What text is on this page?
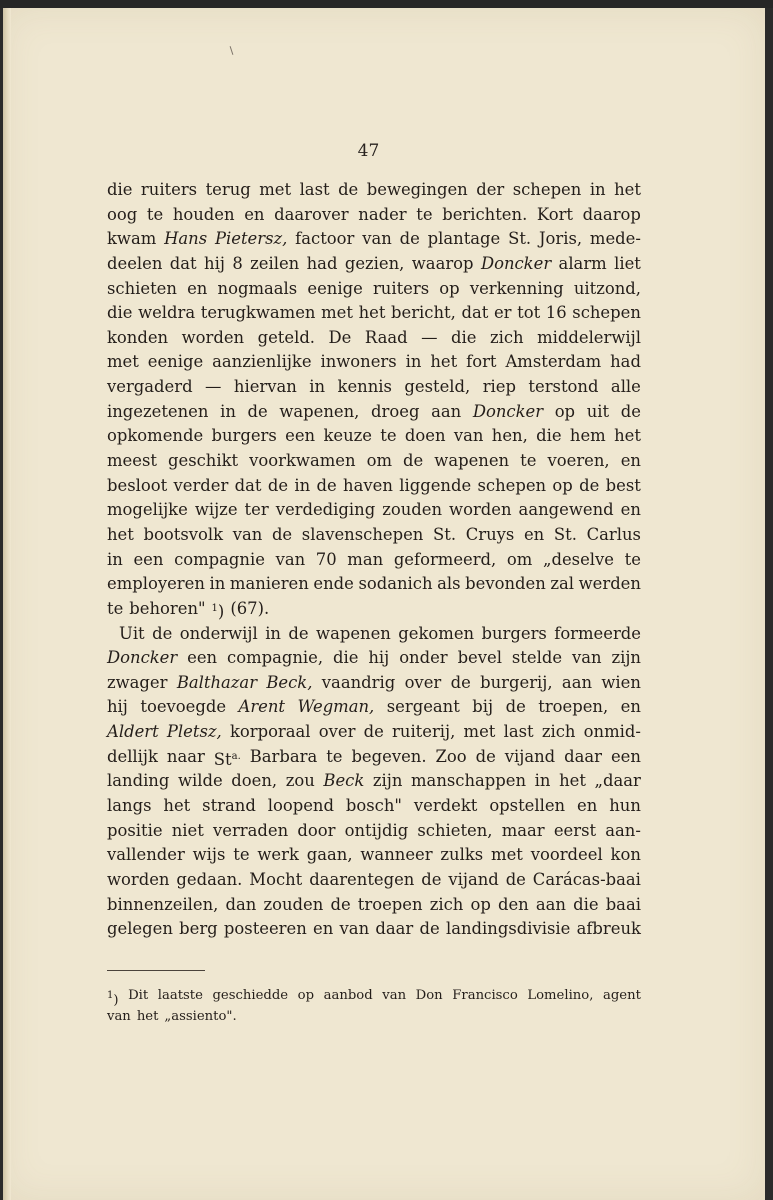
47
die ruiters terug met last de bewegingen der schepen in het
oog te houden en daarover nader te berichten. Kort daarop
kwam Hans Pietersz, factoor van de plantage St. Joris, mede-
deelen dat hij 8 zeilen had gezien, waarop Doncker alarm liet
schieten en nogmaals eenige ruiters op verkenning uitzond,
die weldra terugkwamen met het bericht, dat er tot 16 schepen
konden worden geteld. De Raad — die zich middelerwijl
met eenige aanzienlijke inwoners in het fort Amsterdam had
vergaderd — hiervan in kennis gesteld, riep terstond alle
ingezetenen in de wapenen, droeg aan Doncker op uit de
opkomende burgers een keuze te doen van hen, die hem het
meest geschikt voorkwamen om de wapenen te voeren, en
besloot verder dat de in de haven liggende schepen op de best
mogelijke wijze ter verdediging zouden worden aangewend en
het bootsvolk van de slavenschepen St. Cruys en St. Carlus
in een compagnie van 70 man geformeerd, om „deselve te
employeren in manieren ende sodanich als bevonden zal werden
te behoren" $^1$) (67).
Uit de onderwijl in de wapenen gekomen burgers formeerde
Doncker een compagnie, die hij onder bevel stelde van zijn
zwager Balthazar Beck, vaandrig over de burgerij, aan wien
hij toevoegde Arent Wegman, sergeant bij de troepen, en
Aldert Pletsz, korporaal over de ruiterij, met last zich onmid-
dellijk naar $St^{a.}$ Barbara te begeven. Zoo de vijand daar een
landing wilde doen, zou Beck zijn manschappen in het „daar
langs het strand loopend bosch" verdekt opstellen en hun
positie niet verraden door ontijdig schieten, maar eerst aan-
vallender wijs te werk gaan, wanneer zulks met voordeel kon
worden gedaan. Mocht daarentegen de vijand de Carácas-baai
binnenzeilen, dan zouden de troepen zich op den aan die baai
gelegen berg posteeren en van daar de landingsdivisie afbreuk
$^1$) Dit laatste geschiedde op aanbod van Don Francisco Lomelino, agent
van het „assiento".
